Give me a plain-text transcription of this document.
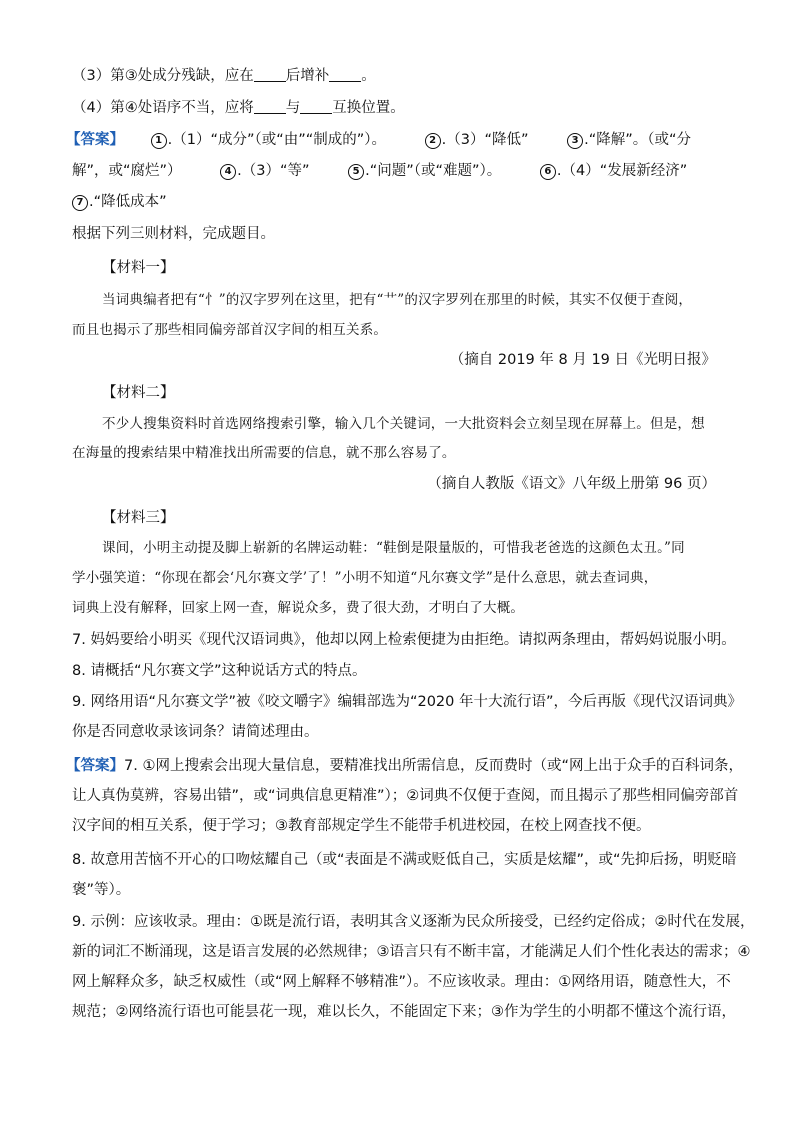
（3）第③处成分残缺，应在 后增补 。
（4）第④处语序不当，应将 与 互换位置。
【答案】	1 .（1）“成分”（或“由”“制成的”）。	2 .（3）“降低”	3 .“降解”。（或“分
解”，或“腐烂”）	4 .（3）“等”	5 .“问题”（或“难题”）。	6 .（4）“发展新经济”
7 .“降低成本”
根据下列三则材料，完成题目。
【材料一】
当词典编者把有“忄”的汉字罗列在这里，把有“艹”的汉字罗列在那里的时候，其实不仅便于查阅，
而且也揭示了那些相同偏旁部首汉字间的相互关系。
（摘自 2019 年 8 月 19 日《光明日报》
【材料二】
不少人搜集资料时首选网络搜索引擎，输入几个关键词，一大批资料会立刻呈现在屏幕上。但是，想
在海量的搜索结果中精准找出所需要的信息，就不那么容易了。
（摘自人教版《语文》八年级上册第 96 页）
【材料三】
课间，小明主动提及脚上崭新的名牌运动鞋：“鞋倒是限量版的，可惜我老爸选的这颜色太丑。”同
学小强笑道：“你现在都会‘凡尔赛文学’了！”小明不知道“凡尔赛文学”是什么意思，就去查词典，
词典上没有解释，回家上网一查，解说众多，费了很大劲，才明白了大概。
7. 妈妈要给小明买《现代汉语词典》，他却以网上检索便捷为由拒绝。请拟两条理由，帮妈妈说服小明。
8. 请概括“凡尔赛文学”这种说话方式的特点。
9. 网络用语“凡尔赛文学”被《咬文嚼字》编辑部选为“2020 年十大流行语”，今后再版《现代汉语词典》
你是否同意收录该词条？请简述理由。
【答案】7. ①网上搜索会出现大量信息，要精准找出所需信息，反而费时（或“网上出于众手的百科词条，
让人真伪莫辨，容易出错”，或“词典信息更精准”）；②词典不仅便于查阅，而且揭示了那些相同偏旁部首
汉字间的相互关系，便于学习；③教育部规定学生不能带手机进校园，在校上网查找不便。
8. 故意用苦恼不开心的口吻炫耀自己（或“表面是不满或贬低自己，实质是炫耀”，或“先抑后扬，明贬暗
褒”等）。
9. 示例：应该收录。理由：①既是流行语，表明其含义逐渐为民众所接受，已经约定俗成；②时代在发展，
新的词汇不断涌现，这是语言发展的必然规律；③语言只有不断丰富，才能满足人们个性化表达的需求；④
网上解释众多，缺乏权威性（或“网上解释不够精准”）。不应该收录。理由：①网络用语，随意性大，不
规范；②网络流行语也可能昙花一现，难以长久，不能固定下来；③作为学生的小明都不懂这个流行语，
